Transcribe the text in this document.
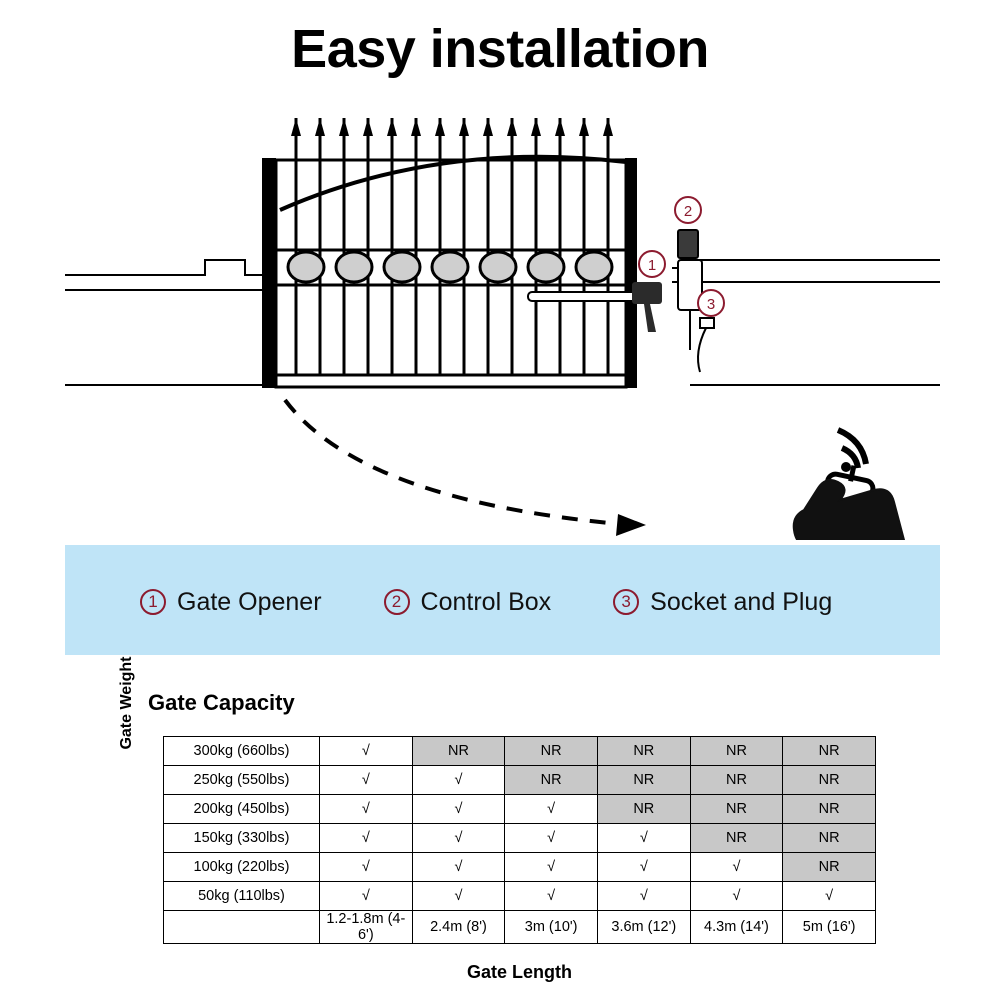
Easy installation
1
2
3
1 Gate Opener	2 Control Box	3 Socket and Plug
Gate Capacity
Gate Weight
300kg (660lbs)	√	NR	NR	NR	NR	NR
250kg (550lbs)	√	√	NR	NR	NR	NR
200kg (450lbs)	√	√	√	NR	NR	NR
150kg (330lbs)	√	√	√	√	NR	NR
100kg (220lbs)	√	√	√	√	√	NR
50kg (110lbs)	√	√	√	√	√	√
	1.2-1.8m (4-6')	2.4m (8')	3m (10')	3.6m (12')	4.3m (14')	5m (16')
Gate Length
